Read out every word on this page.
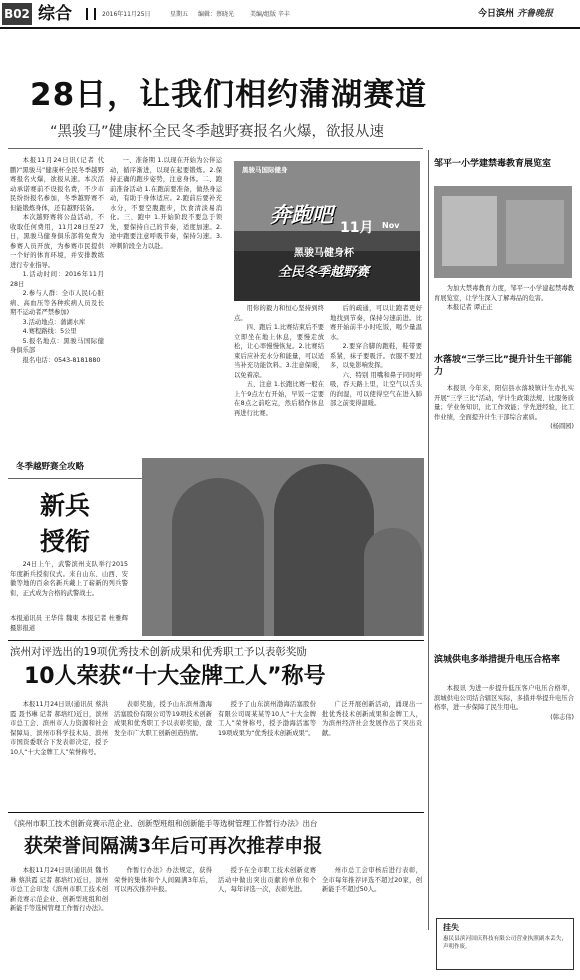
B02 综合	2016年11月25日	星期五 编辑：蔡晓光	美编/组版 辛丰	今日滨州 齐鲁晚报
28日，让我们相约蒲湖赛道
“黑骏马”健康杯全民冬季越野赛报名火爆，欲报从速

本报11月24日讯(记者 代 鹏)“黑骏马”健康杯全民冬季越野赛报名火爆，欲报从速。本次活动承诺赛前不设报名费，不少市民纷纷报名参加，冬季越野赛不但能锻炼身体，还有越野装备。

本次越野赛将公益活动，不收取任何费用，11月28日至27日，黑骏马健身俱乐部将免费为参赛人员开放，为参赛市民提供一个好的体育环境，并安排教练进行专业指导。

1.活动时间：2016年11月28日

2.参与人群：全市人民(心脏病、高血压等各种疾病人员及长期不运动者严禁参加)

3.活动地点：蒲湖水库

4.赛程路线：5公里

5.报名地点：黑骏马国际健身俱乐部

报名电话：0543-8181880

冬季越野赛全攻略

一、准备期 1.以现在开始为公伴运动，循序渐进，以现在起要锻炼。2.保持正确的跑步姿势，注意身体。二、跑前准备活动 1.在跑前要准备，做热身运动，有助于身体适应。2.跑前后要补充水分，不要空腹跑步，饮食清淡易消化。三、跑中 1.开始阶段不要急于领先，要保持自己的节奏，适度加速。2.途中跑要注意呼吸节奏，保持匀速。3.冲刺阶段全力以赴。

黑骏马国际健身
奔跑吧
11月 Nov
黑骏马健身杯
全民冬季越野赛

用你的毅力和恒心坚持到终点。

四、跑后 1.比赛结束后不要立即坐在地上休息，要慢走放松，让心率慢慢恢复。2.比赛结束后应补充水分和能量，可以适当补充功能饮料。3.注意保暖，以免着凉。

五、注意 1.长跑比赛一般在上午9点左右开始，早饭一定要在8点之前吃完，然后稍作休息再进行比赛。

后的疏通，可以让跑者更好地找到节奏，保持匀速前进。比赛开始前半小时吃饭，喝少量温水。

2.要穿合脚的跑鞋，鞋带要系紧，袜子要吸汗。衣服不要过多，以免影响发挥。

六、特别 用嘴和鼻子同时呼吸，吞天路上里，让空气以舌头的润湿，可以使得空气在进入肺部之前变得温暖。

邹平一小学建禁毒教育展览室

为加大禁毒教育力度，邹平一小学建起禁毒教育展览室，让学生深入了解毒品的危害。

本报记者 谭正正

水落坡“三学三比”提升计生干部能力

本报讯 今年来，阳信县水落坡镇计生办扎实开展“三学三比”活动，学计生政策法规、比服务质量；学业务知识，比工作效能；学先进经验，比工作业绩，全面提升计生干部综合素质。

(杨圆园)

滨城供电多举措提升电压合格率

本报讯 为进一步提升低压客户电压合格率，滨城供电公司结合辖区实际，多措并举提升电压合格率，进一步保障了民生用电。

(韩志伟)

挂失
惠民县滨河国庆科技有限公司营业执照副本丢失，声明作废。
新兵授衔

24日上午，武警滨州支队举行2015年度新兵授衔仪式。来自山东、山西、安徽等地的百余名新兵戴上了崭新的列兵警衔，正式成为合格的武警战士。

本报通讯员 王华伟 魏東 本报记者 杜雅辉 摄影报道
滨州对评选出的19项优秀技术创新成果和优秀职工予以表彰奖励
10人荣获“十大金牌工人”称号

本报11月24日讯(通讯员 蔡洪霞 聂书琳 记者 郝培红)近日，滨州市总工会、滨州市人力资源和社会保障局、滨州市科学技术局、滨州市国资委联合下发表彰决定，授予10人“十大金牌工人”荣誉称号。

表彰奖励，授予山东滨州渤海活塞股份有限公司等19项技术创新成果和优秀职工予以表彰奖励，激发全市广大职工创新创造热情。

授予了山东滨州渤海活塞股份有限公司周某某等10人“十大金牌工人”荣誉称号，授予渤海活塞等19项成果为“优秀技术创新成果”。

广泛开展创新活动，涌现出一批优秀技术创新成果和金牌工人，为滨州经济社会发展作出了突出贡献。

《滨州市职工技术创新竞赛示范企业、创新型班组和创新能手等选树管理工作暂行办法》出台
获荣誉间隔满3年后可再次推荐申报

本报11月24日讯(通讯员 魏书琳 蔡洪霞 记者 郝培红)近日，滨州市总工会印发《滨州市职工技术创新竞赛示范企业、创新型班组和创新能手等选树管理工作暂行办法》。

作暂行办法》办法规定，获得荣誉的集体和个人间隔满3年后，可以再次推荐申报。

授予在全市职工技术创新竞赛活动中做出突出贡献的单位和个人，每年评选一次，表彰先进。

州市总工会审核后进行表彰，全市每年推荐评选不超过20家，创新能手不超过50人。
